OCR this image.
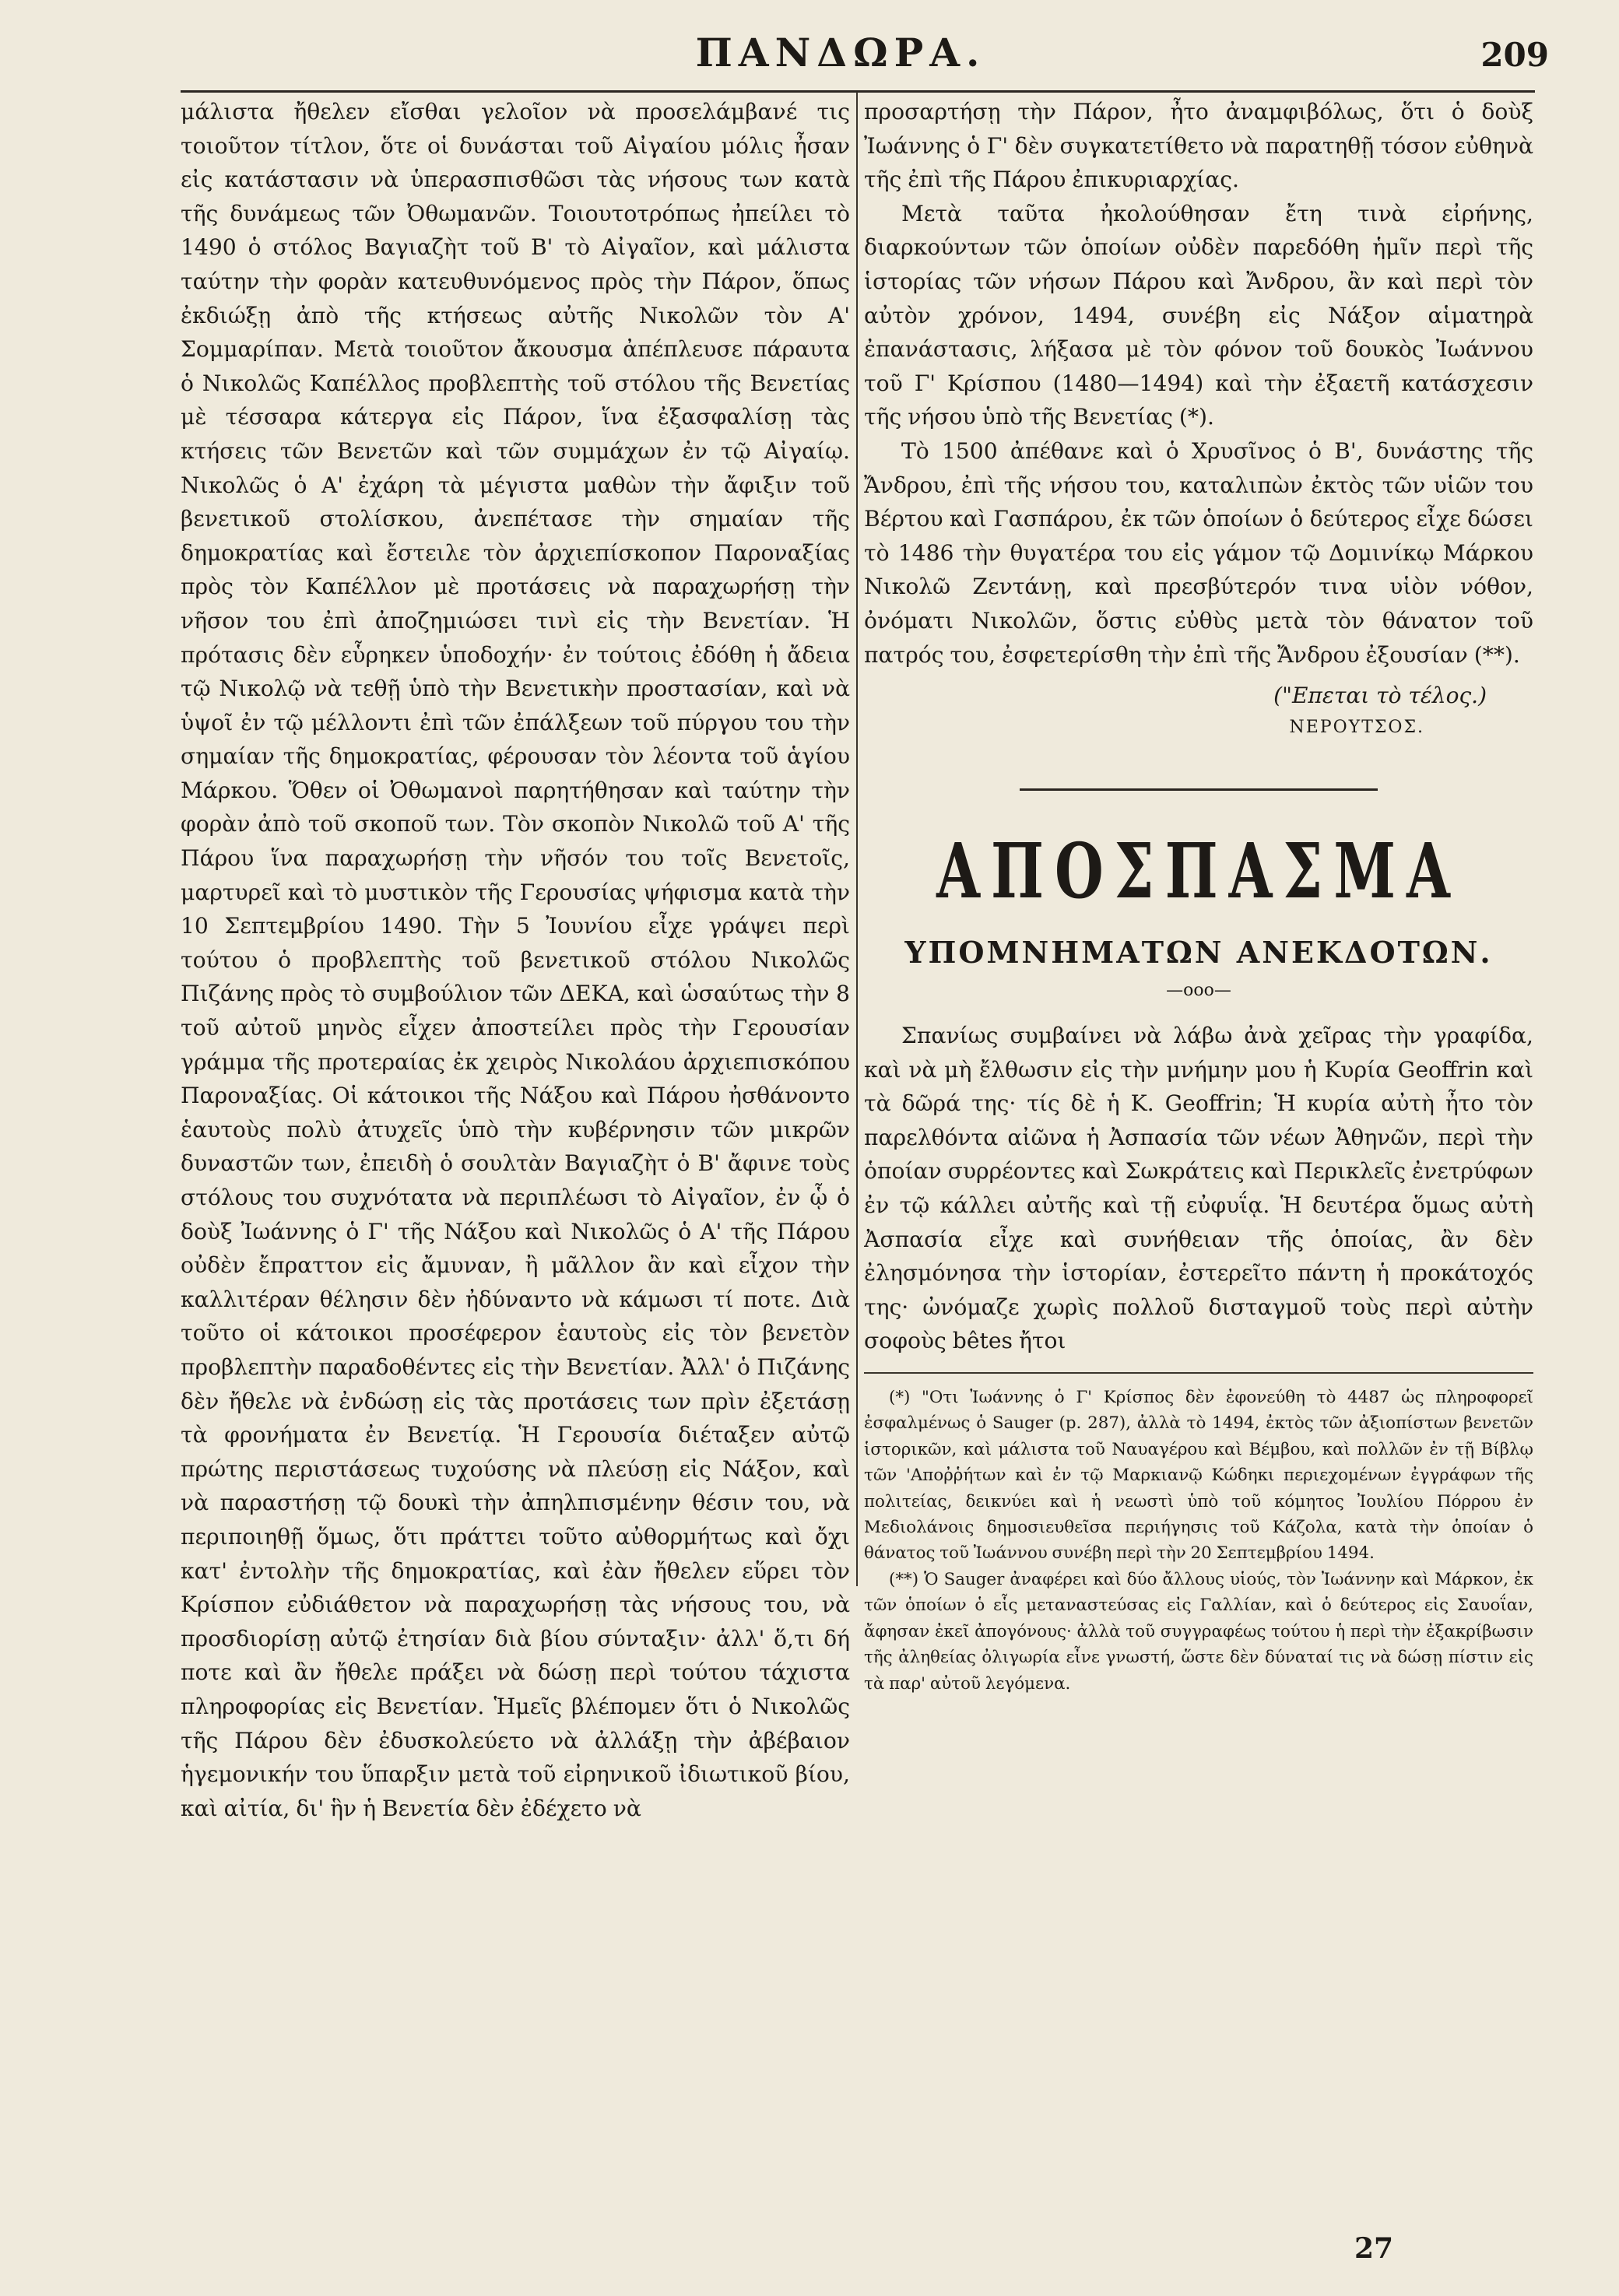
ΠΑΝΔΩΡΑ.	209

μάλιστα ἤθελεν εἴσθαι γελοῖον νὰ προσελάμβανέ τις τοιοῦτον τίτλον, ὅτε οἱ δυνάσται τοῦ Αἰγαίου μόλις ἦσαν εἰς κατάστασιν νὰ ὑπερασπισθῶσι τὰς νήσους των κατὰ τῆς δυνάμεως τῶν Ὀθωμανῶν. Τοιουτοτρόπως ἠπείλει τὸ 1490 ὁ στόλος Βαγιαζὴτ τοῦ Β' τὸ Αἰγαῖον, καὶ μάλιστα ταύτην τὴν φορὰν κατευθυνόμενος πρὸς τὴν Πάρον, ὅπως ἐκδιώξῃ ἀπὸ τῆς κτήσεως αὐτῆς Νικολῶν τὸν Α' Σομμαρίπαν. Μετὰ τοιοῦτον ἄκουσμα ἀπέπλευσε πάραυτα ὁ Νικολῶς Καπέλλος προβλεπτὴς τοῦ στόλου τῆς Βενετίας μὲ τέσσαρα κάτεργα εἰς Πάρον, ἵνα ἐξασφαλίσῃ τὰς κτήσεις τῶν Βενετῶν καὶ τῶν συμμάχων ἐν τῷ Αἰγαίῳ. Νικολῶς ὁ Α' ἐχάρη τὰ μέγιστα μαθὼν τὴν ἄφιξιν τοῦ βενετικοῦ στολίσκου, ἀνεπέτασε τὴν σημαίαν τῆς δημοκρατίας καὶ ἔστειλε τὸν ἀρχιεπίσκοπον Παροναξίας πρὸς τὸν Καπέλλον μὲ προτάσεις νὰ παραχωρήσῃ τὴν νῆσον του ἐπὶ ἀποζημιώσει τινὶ εἰς τὴν Βενετίαν. Ἡ πρότασις δὲν εὗρηκεν ὑποδοχήν· ἐν τούτοις ἐδόθη ἡ ἄδεια τῷ Νικολῷ νὰ τεθῇ ὑπὸ τὴν Βενετικὴν προστασίαν, καὶ νὰ ὑψοῖ ἐν τῷ μέλλοντι ἐπὶ τῶν ἐπάλξεων τοῦ πύργου του τὴν σημαίαν τῆς δημοκρατίας, φέρουσαν τὸν λέοντα τοῦ ἁγίου Μάρκου. Ὅθεν οἱ Ὀθωμανοὶ παρητήθησαν καὶ ταύτην τὴν φορὰν ἀπὸ τοῦ σκοποῦ των. Τὸν σκοπὸν Νικολῶ τοῦ Α' τῆς Πάρου ἵνα παραχωρήσῃ τὴν νῆσόν του τοῖς Βενετοῖς, μαρτυρεῖ καὶ τὸ μυστικὸν τῆς Γερουσίας ψήφισμα κατὰ τὴν 10 Σεπτεμβρίου 1490. Τὴν 5 Ἰουνίου εἶχε γράψει περὶ τούτου ὁ προβλεπτὴς τοῦ βενετικοῦ στόλου Νικολῶς Πιζάνης πρὸς τὸ συμβούλιον τῶν ΔΕΚΑ, καὶ ὡσαύτως τὴν 8 τοῦ αὐτοῦ μηνὸς εἶχεν ἀποστείλει πρὸς τὴν Γερουσίαν γράμμα τῆς προτεραίας ἐκ χειρὸς Νικολάου ἀρχιεπισκόπου Παροναξίας. Οἱ κάτοικοι τῆς Νάξου καὶ Πάρου ἠσθάνοντο ἑαυτοὺς πολὺ ἀτυχεῖς ὑπὸ τὴν κυβέρνησιν τῶν μικρῶν δυναστῶν των, ἐπειδὴ ὁ σουλτὰν Βαγιαζὴτ ὁ Β' ἄφινε τοὺς στόλους του συχνότατα νὰ περιπλέωσι τὸ Αἰγαῖον, ἐν ᾧ ὁ δοὺξ Ἰωάννης ὁ Γ' τῆς Νάξου καὶ Νικολῶς ὁ Α' τῆς Πάρου οὐδὲν ἔπραττον εἰς ἄμυναν, ἢ μᾶλλον ἂν καὶ εἶχον τὴν καλλιτέραν θέλησιν δὲν ἠδύναντο νὰ κάμωσι τί ποτε. Διὰ τοῦτο οἱ κάτοικοι προσέφερον ἑαυτοὺς εἰς τὸν βενετὸν προβλεπτὴν παραδοθέντες εἰς τὴν Βενετίαν. Ἀλλ' ὁ Πιζάνης δὲν ἤθελε νὰ ἐνδώσῃ εἰς τὰς προτάσεις των πρὶν ἐξετάσῃ τὰ φρονήματα ἐν Βενετίᾳ. Ἡ Γερουσία διέταξεν αὐτῷ πρώτης περιστάσεως τυχούσης νὰ πλεύσῃ εἰς Νάξον, καὶ νὰ παραστήσῃ τῷ δουκὶ τὴν ἀπηλπισμένην θέσιν του, νὰ περιποιηθῇ ὅμως, ὅτι πράττει τοῦτο αὐθορμήτως καὶ ὄχι κατ' ἐντολὴν τῆς δημοκρατίας, καὶ ἐὰν ἤθελεν εὕρει τὸν Κρίσπον εὐδιάθετον νὰ παραχωρήσῃ τὰς νήσους του, νὰ προσδιορίσῃ αὐτῷ ἐτησίαν διὰ βίου σύνταξιν· ἀλλ' ὅ,τι δή ποτε καὶ ἂν ἤθελε πράξει νὰ δώσῃ περὶ τούτου τάχιστα πληροφορίας εἰς Βενετίαν. Ἡμεῖς βλέπομεν ὅτι ὁ Νικολῶς τῆς Πάρου δὲν ἐδυσκολεύετο νὰ ἀλλάξῃ τὴν ἀβέβαιον ἡγεμονικήν του ὕπαρξιν μετὰ τοῦ εἰρηνικοῦ ἰδιωτικοῦ βίου, καὶ αἰτία, δι' ἣν ἡ Βενετία δὲν ἐδέχετο νὰ

προσαρτήσῃ τὴν Πάρον, ἦτο ἀναμφιβόλως, ὅτι ὁ δοὺξ Ἰωάννης ὁ Γ' δὲν συγκατετίθετο νὰ παρατηθῇ τόσον εὐθηνὰ τῆς ἐπὶ τῆς Πάρου ἐπικυριαρχίας.

Μετὰ ταῦτα ἠκολούθησαν ἔτη τινὰ εἰρήνης, διαρκούντων τῶν ὁποίων οὐδὲν παρεδόθη ἡμῖν περὶ τῆς ἱστορίας τῶν νήσων Πάρου καὶ Ἄνδρου, ἂν καὶ περὶ τὸν αὐτὸν χρόνον, 1494, συνέβη εἰς Νάξον αἱματηρὰ ἐπανάστασις, λήξασα μὲ τὸν φόνον τοῦ δουκὸς Ἰωάννου τοῦ Γ' Κρίσπου (1480—1494) καὶ τὴν ἐξαετῆ κατάσχεσιν τῆς νήσου ὑπὸ τῆς Βενετίας (*).

Τὸ 1500 ἀπέθανε καὶ ὁ Χρυσῖνος ὁ Β', δυνάστης τῆς Ἄνδρου, ἐπὶ τῆς νήσου του, καταλιπὼν ἐκτὸς τῶν υἱῶν του Βέρτου καὶ Γασπάρου, ἐκ τῶν ὁποίων ὁ δεύτερος εἶχε δώσει τὸ 1486 τὴν θυγατέρα του εἰς γάμον τῷ Δομινίκῳ Μάρκου Νικολῶ Ζεντάνῃ, καὶ πρεσβύτερόν τινα υἱὸν νόθον, ὀνόματι Νικολῶν, ὅστις εὐθὺς μετὰ τὸν θάνατον τοῦ πατρός του, ἐσφετερίσθη τὴν ἐπὶ τῆς Ἄνδρου ἐξουσίαν (**).

("Επεται τὸ τέλος.)

ΝΕΡΟΥΤΣΟΣ.

ΑΠΟΣΠΑΣΜΑ
ΥΠΟΜΝΗΜΑΤΩΝ ΑΝΕΚΔΟΤΩΝ.
—ooo—

Σπανίως συμβαίνει νὰ λάβω ἀνὰ χεῖρας τὴν γραφίδα, καὶ νὰ μὴ ἔλθωσιν εἰς τὴν μνήμην μου ἡ Κυρία Geoffrin καὶ τὰ δῶρά της· τίς δὲ ἡ Κ. Geoffrin; Ἡ κυρία αὐτὴ ἦτο τὸν παρελθόντα αἰῶνα ἡ Ἀσπασία τῶν νέων Ἀθηνῶν, περὶ τὴν ὁποίαν συρρέοντες καὶ Σωκράτεις καὶ Περικλεῖς ἐνετρύφων ἐν τῷ κάλλει αὐτῆς καὶ τῇ εὐφυΐᾳ. Ἡ δευτέρα ὅμως αὐτὴ Ἀσπασία εἶχε καὶ συνήθειαν τῆς ὁποίας, ἂν δὲν ἐλησμόνησα τὴν ἱστορίαν, ἐστερεῖτο πάντη ἡ προκάτοχός της· ὠνόμαζε χωρὶς πολλοῦ δισταγμοῦ τοὺς περὶ αὐτὴν σοφοὺς bêtes ἤτοι

(*) "Οτι Ἰωάννης ὁ Γ' Κρίσπος δὲν ἐφονεύθη τὸ 4487 ὡς πληροφορεῖ ἐσφαλμένως ὁ Sauger (p. 287), ἀλλὰ τὸ 1494, ἐκτὸς τῶν ἀξιοπίστων βενετῶν ἱστορικῶν, καὶ μάλιστα τοῦ Ναυαγέρου καὶ Βέμβου, καὶ πολλῶν ἐν τῇ Βίβλῳ τῶν 'Αποῤῥήτων καὶ ἐν τῷ Μαρκιανῷ Κώδηκι περιεχομένων ἐγγράφων τῆς πολιτείας, δεικνύει καὶ ἡ νεωστὶ ὑπὸ τοῦ κόμητος Ἰουλίου Πόρρου ἐν Μεδιολάνοις δημοσιευθεῖσα περιήγησις τοῦ Κάζολα, κατὰ τὴν ὁποίαν ὁ θάνατος τοῦ Ἰωάννου συνέβη περὶ τὴν 20 Σεπτεμβρίου 1494.

(**) Ὁ Sauger ἀναφέρει καὶ δύο ἄλλους υἱούς, τὸν Ἰωάννην καὶ Μάρκον, ἐκ τῶν ὁποίων ὁ εἷς μεταναστεύσας εἰς Γαλλίαν, καὶ ὁ δεύτερος εἰς Σαυοΐαν, ἄφησαν ἐκεῖ ἀπογόνους· ἀλλὰ τοῦ συγγραφέως τούτου ἡ περὶ τὴν ἐξακρίβωσιν τῆς ἀληθείας ὀλιγωρία εἶνε γνωστή, ὥστε δὲν δύναταί τις νὰ δώσῃ πίστιν εἰς τὰ παρ' αὐτοῦ λεγόμενα.

27
